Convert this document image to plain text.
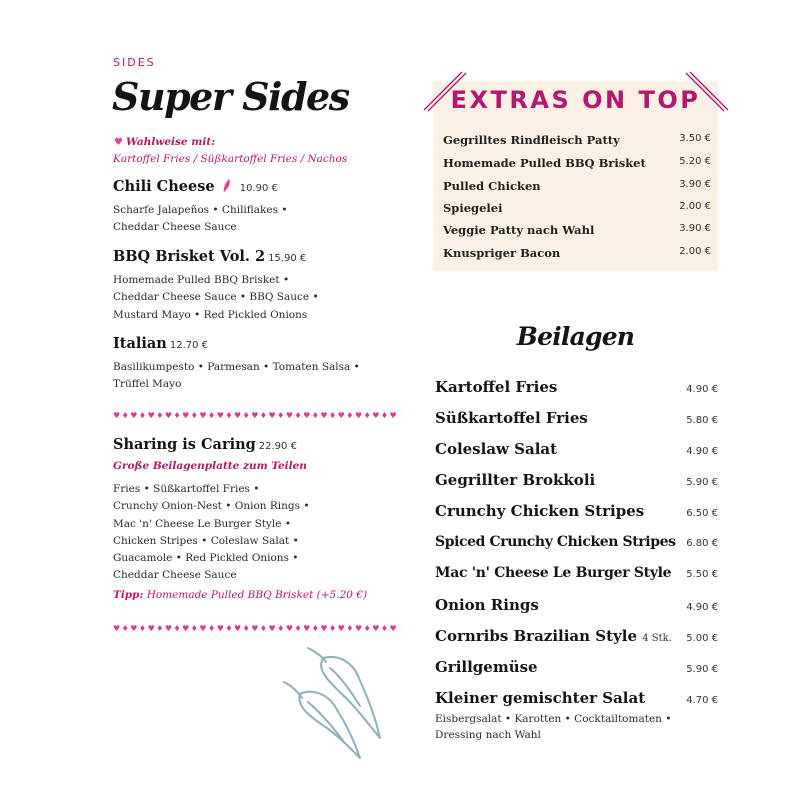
SIDES
Super Sides
♥ Wahlweise mit:
Kartoffel Fries / Süßkartoffel Fries / Nachos
Chili Cheese	10.90 €
Scharfe Jalapeños • Chiliflakes •
Cheddar Cheese Sauce
BBQ Brisket Vol. 2 15.90 €
Homemade Pulled BBQ Brisket •
Cheddar Cheese Sauce • BBQ Sauce •
Mustard Mayo • Red Pickled Onions
Italian 12.70 €
Basilikumpesto • Parmesan • Tomaten Salsa •
Trüffel Mayo
♥ ♦ ♥ ♦ ♥ ♦ ♥ ♦ ♥ ♦ ♥ ♦ ♥ ♦ ♥ ♦ ♥ ♦ ♥ ♦ ♥ ♦ ♥ ♦ ♥ ♦ ♥ ♦ ♥ ♦ ♥ ♦ ♥
Sharing is Caring 22.90 €
Große Beilagenplatte zum Teilen
Fries • Süßkartoffel Fries •
Crunchy Onion-Nest • Onion Rings •
Mac 'n' Cheese Le Burger Style •
Chicken Stripes • Coleslaw Salat •
Guacamole • Red Pickled Onions •
Cheddar Cheese Sauce
Tipp: Homemade Pulled BBQ Brisket (+5.20 €)
♥ ♦ ♥ ♦ ♥ ♦ ♥ ♦ ♥ ♦ ♥ ♦ ♥ ♦ ♥ ♦ ♥ ♦ ♥ ♦ ♥ ♦ ♥ ♦ ♥ ♦ ♥ ♦ ♥ ♦ ♥ ♦ ♥
EXTRAS ON TOP
Gegrilltes Rindfleisch Patty	3.50 €
Homemade Pulled BBQ Brisket	5.20 €
Pulled Chicken	3.90 €
Spiegelei	2.00 €
Veggie Patty nach Wahl	3.90 €
Knuspriger Bacon	2.00 €
Beilagen
Kartoffel Fries	4.90 €
Süßkartoffel Fries	5.80 €
Coleslaw Salat	4.90 €
Gegrillter Brokkoli	5.90 €
Crunchy Chicken Stripes	6.50 €
Spiced Crunchy Chicken Stripes 6.80 €
Mac 'n' Cheese Le Burger Style 5.50 €
Onion Rings	4.90 €
Cornribs Brazilian Style 4 Stk. 5.00 €
Grillgemüse	5.90 €
Kleiner gemischter Salat	4.70 €
Eisbergsalat • Karotten • Cocktailtomaten •
Dressing nach Wahl
